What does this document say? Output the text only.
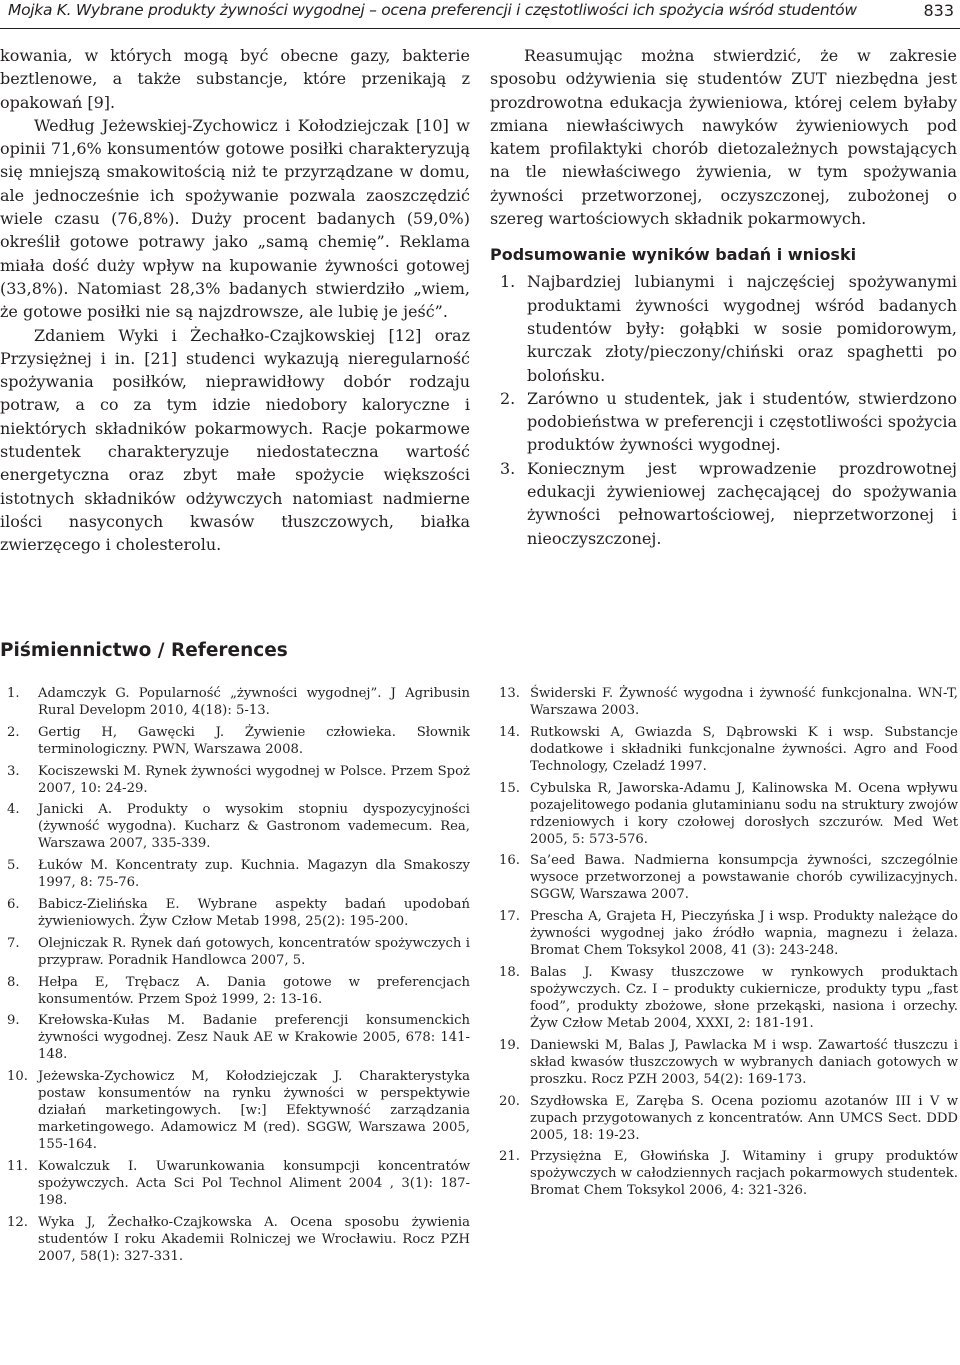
Mojka K. Wybrane produkty żywności wygodnej – ocena preferencji i częstotliwości ich spożycia wśród studentów	833

kowania, w których mogą być obecne gazy, bakterie beztlenowe, a także substancje, które przenikają z opakowań [9].

Według Jeżewskiej-Zychowicz i Kołodziejczak [10] w opinii 71,6% konsumentów gotowe posiłki charakteryzują się mniejszą smakowitością niż te przyrządzane w domu, ale jednocześnie ich spożywanie pozwala zaoszczędzić wiele czasu (76,8%). Duży procent badanych (59,0%) określił gotowe potrawy jako „samą chemię”. Reklama miała dość duży wpływ na kupowanie żywności gotowej (33,8%). Natomiast 28,3% badanych stwierdziło „wiem, że gotowe posiłki nie są najzdrowsze, ale lubię je jeść”.

Zdaniem Wyki i Żechałko-Czajkowskiej [12] oraz Przysiężnej i in. [21] studenci wykazują nieregularność spożywania posiłków, nieprawidłowy dobór rodzaju potraw, a co za tym idzie niedobory kaloryczne i niektórych składników pokarmowych. Racje pokarmowe studentek charakteryzuje niedostateczna wartość energetyczna oraz zbyt małe spożycie większości istotnych składników odżywczych natomiast nadmierne ilości nasyconych kwasów tłuszczowych, białka zwierzęcego i cholesterolu.

Reasumując można stwierdzić, że w zakresie sposobu odżywienia się studentów ZUT niezbędna jest prozdrowotna edukacja żywieniowa, której celem byłaby zmiana niewłaściwych nawyków żywieniowych pod katem profilaktyki chorób dietozależnych powstających na tle niewłaściwego żywienia, w tym spożywania żywności przetworzonej, oczyszczonej, zubożonej o szereg wartościowych składnik pokarmowych.

Podsumowanie wyników badań i wnioski
1. Najbardziej lubianymi i najczęściej spożywanymi produktami żywności wygodnej wśród badanych studentów były: gołąbki w sosie pomidorowym, kurczak złoty/pieczony/chiński oraz spaghetti po bolońsku.
2. Zarówno u studentek, jak i studentów, stwierdzono podobieństwa w preferencji i częstotliwości spożycia produktów żywności wygodnej.
3. Koniecznym jest wprowadzenie prozdrowotnej edukacji żywieniowej zachęcającej do spożywania żywności pełnowartościowej, nieprzetworzonej i nieoczyszczonej.
Piśmiennictwo / References
1. Adamczyk G. Popularność „żywności wygodnej”. J Agribusin Rural Developm 2010, 4(18): 5-13.
2. Gertig H, Gawęcki J. Żywienie człowieka. Słownik terminologiczny. PWN, Warszawa 2008.
3. Kociszewski M. Rynek żywności wygodnej w Polsce. Przem Spoż 2007, 10: 24-29.
4. Janicki A. Produkty o wysokim stopniu dyspozycyjności (żywność wygodna). Kucharz & Gastronom vademecum. Rea, Warszawa 2007, 335-339.
5. Łuków M. Koncentraty zup. Kuchnia. Magazyn dla Smakoszy 1997, 8: 75-76.
6. Babicz-Zielińska E. Wybrane aspekty badań upodobań żywieniowych. Żyw Człow Metab 1998, 25(2): 195-200.
7. Olejniczak R. Rynek dań gotowych, koncentratów spożywczych i przypraw. Poradnik Handlowca 2007, 5.
8. Hełpa E, Trębacz A. Dania gotowe w preferencjach konsumentów. Przem Spoż 1999, 2: 13-16.
9. Krełowska-Kułas M. Badanie preferencji konsumenckich żywności wygodnej. Zesz Nauk AE w Krakowie 2005, 678: 141-148.
10. Jeżewska-Zychowicz M, Kołodziejczak J. Charakterystyka postaw konsumentów na rynku żywności w perspektywie działań marketingowych. [w:] Efektywność zarządzania marketingowego. Adamowicz M (red). SGGW, Warszawa 2005, 155-164.
11. Kowalczuk I. Uwarunkowania konsumpcji koncentratów spożywczych. Acta Sci Pol Technol Aliment 2004 , 3(1): 187-198.
12. Wyka J, Żechałko-Czajkowska A. Ocena sposobu żywienia studentów I roku Akademii Rolniczej we Wrocławiu. Rocz PZH 2007, 58(1): 327-331.
13. Świderski F. Żywność wygodna i żywność funkcjonalna. WN-T, Warszawa 2003.
14. Rutkowski A, Gwiazda S, Dąbrowski K i wsp. Substancje dodatkowe i składniki funkcjonalne żywności. Agro and Food Technology, Czeladź 1997.
15. Cybulska R, Jaworska-Adamu J, Kalinowska M. Ocena wpływu pozajelitowego podania glutaminianu sodu na struktury zwojów rdzeniowych i kory czołowej dorosłych szczurów. Med Wet 2005, 5: 573-576.
16. Sa’eed Bawa. Nadmierna konsumpcja żywności, szczególnie wysoce przetworzonej a powstawanie chorób cywilizacyjnych. SGGW, Warszawa 2007.
17. Prescha A, Grajeta H, Pieczyńska J i wsp. Produkty należące do żywności wygodnej jako źródło wapnia, magnezu i żelaza. Bromat Chem Toksykol 2008, 41 (3): 243-248.
18. Balas J. Kwasy tłuszczowe w rynkowych produktach spożywczych. Cz. I – produkty cukiernicze, produkty typu „fast food”, produkty zbożowe, słone przekąski, nasiona i orzechy. Żyw Człow Metab 2004, XXXI, 2: 181-191.
19. Daniewski M, Balas J, Pawlacka M i wsp. Zawartość tłuszczu i skład kwasów tłuszczowych w wybranych daniach gotowych w proszku. Rocz PZH 2003, 54(2): 169-173.
20. Szydłowska E, Zaręba S. Ocena poziomu azotanów III i V w zupach przygotowanych z koncentratów. Ann UMCS Sect. DDD 2005, 18: 19-23.
21. Przysiężna E, Głowińska J. Witaminy i grupy produktów spożywczych w całodziennych racjach pokarmowych studentek. Bromat Chem Toksykol 2006, 4: 321-326.
